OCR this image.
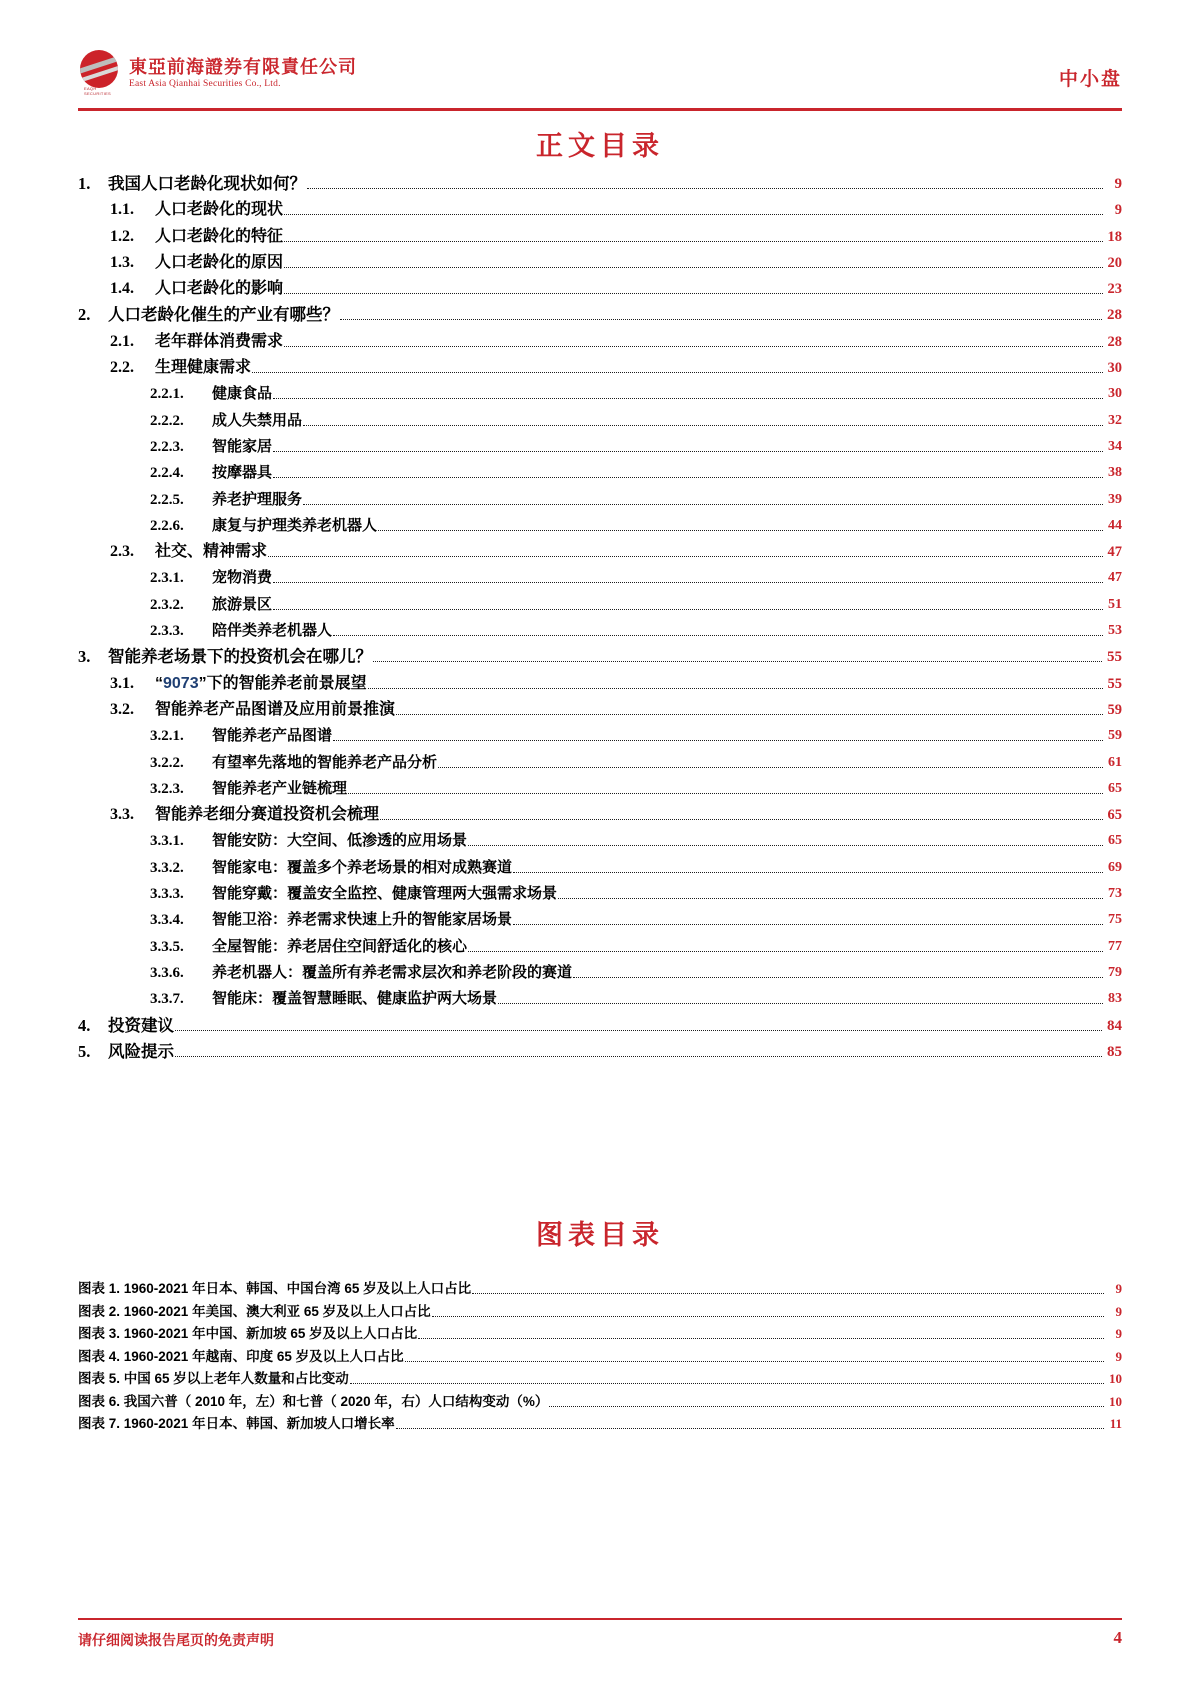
EAQH SECURITIES
東亞前海證券有限責任公司
East Asia Qianhai Securities Co., Ltd.	中小盘
正文目录
1.	我国人口老龄化现状如何？	9
1.1.	人口老龄化的现状	9
1.2.	人口老龄化的特征	18
1.3.	人口老龄化的原因	20
1.4.	人口老龄化的影响	23
2.	人口老龄化催生的产业有哪些？	28
2.1.	老年群体消费需求	28
2.2.	生理健康需求	30
2.2.1.	健康食品	30
2.2.2.	成人失禁用品	32
2.2.3.	智能家居	34
2.2.4.	按摩器具	38
2.2.5.	养老护理服务	39
2.2.6.	康复与护理类养老机器人	44
2.3.	社交、精神需求	47
2.3.1.	宠物消费	47
2.3.2.	旅游景区	51
2.3.3.	陪伴类养老机器人	53
3.	智能养老场景下的投资机会在哪儿？	55
3.1.	“9073”下的智能养老前景展望	55
3.2.	智能养老产品图谱及应用前景推演	59
3.2.1.	智能养老产品图谱	59
3.2.2.	有望率先落地的智能养老产品分析	61
3.2.3.	智能养老产业链梳理	65
3.3.	智能养老细分赛道投资机会梳理	65
3.3.1.	智能安防：大空间、低渗透的应用场景	65
3.3.2.	智能家电：覆盖多个养老场景的相对成熟赛道	69
3.3.3.	智能穿戴：覆盖安全监控、健康管理两大强需求场景	73
3.3.4.	智能卫浴：养老需求快速上升的智能家居场景	75
3.3.5.	全屋智能：养老居住空间舒适化的核心	77
3.3.6.	养老机器人：覆盖所有养老需求层次和养老阶段的赛道	79
3.3.7.	智能床：覆盖智慧睡眠、健康监护两大场景	83
4.	投资建议	84
5.	风险提示	85
图表目录
图表 1. 1960-2021 年日本、韩国、中国台湾 65 岁及以上人口占比	9
图表 2. 1960-2021 年美国、澳大利亚 65 岁及以上人口占比	9
图表 3. 1960-2021 年中国、新加坡 65 岁及以上人口占比	9
图表 4. 1960-2021 年越南、印度 65 岁及以上人口占比	9
图表 5. 中国 65 岁以上老年人数量和占比变动	10
图表 6. 我国六普（ 2010 年，左）和七普（ 2020 年，右）人口结构变动（%）	10
图表 7. 1960-2021 年日本、韩国、新加坡人口增长率	11
请仔细阅读报告尾页的免责声明	4
